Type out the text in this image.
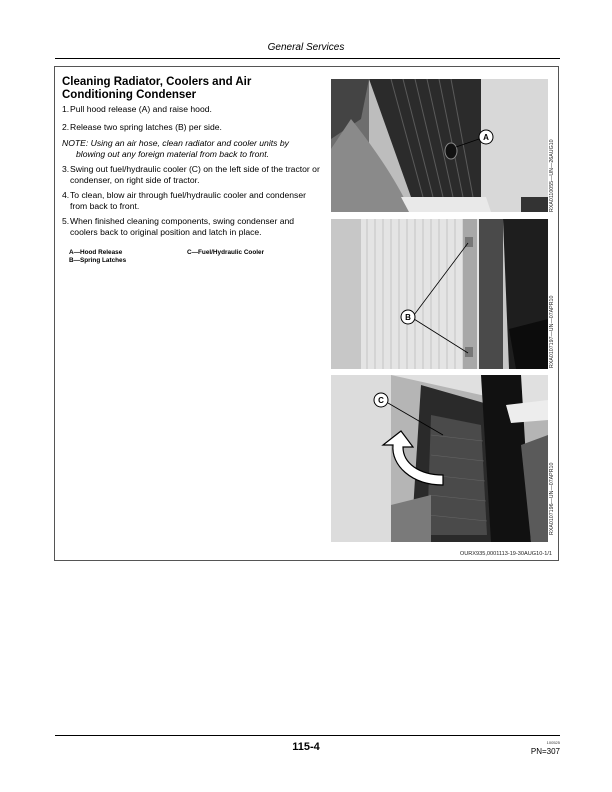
General Services
Cleaning Radiator, Coolers and Air
Conditioning Condenser
1. Pull hood release (A) and raise hood.
2. Release two spring latches (B) per side.
NOTE: Using an air hose, clean radiator and cooler units by
blowing out any foreign material from back to front.
3. Swing out fuel/hydraulic cooler (C) on the left side of the tractor or condenser, on right side of tractor.
4. To clean, blow air through fuel/hydraulic cooler and condenser from back to front.
5. When finished cleaning components, swing condenser and coolers back to original position and latch in place.
A—Hood Release
B—Spring Latches
C—Fuel/Hydraulic Cooler
A
RXA0110055—UN—26AUG10
B	RXA0107197—UN—07APR10
C
RXA0107196—UN—07APR10
OURX935,0001113-19-30AUG10-1/1
115-4	100525
PN=307
